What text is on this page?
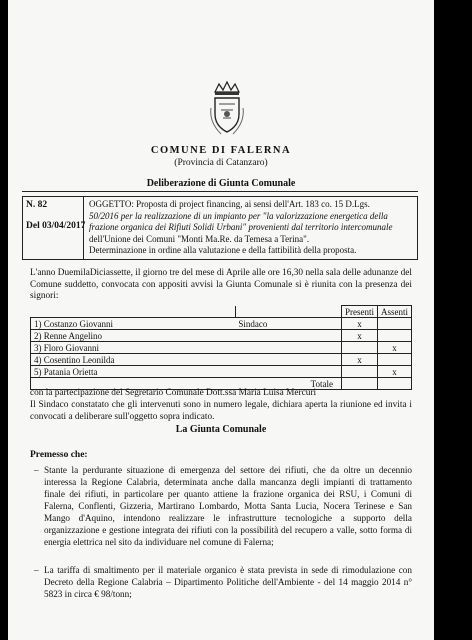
COMUNE DI FALERNA
(Provincia di Catanzaro)
Deliberazione di Giunta Comunale
N. 82
Del 03/04/2017
OGGETTO: Proposta di project financing, ai sensi dell'Art. 183 co. 15 D.Lgs.
50/2016 per la realizzazione di un impianto per "la valorizzazione energetica della
frazione organica dei Rifiuti Solidi Urbani" provenienti dal territorio intercomunale
dell'Unione dei Comuni "Monti Ma.Re. da Temesa a Terina".
Determinazione in ordine alla valutazione e della fattibilità della proposta.
L'anno DuemilaDiciassette, il giorno tre del mese di Aprile alle ore 16,30 nella sala delle adunanze del Comune suddetto, convocata con appositi avvisi la Giunta Comunale si è riunita con la presenza dei signori:
		Presenti	Assenti
1) Costanzo Giovanni	Sindaco	x	
2) Renne Angelino		x	
3) Floro Giovanni			x
4) Cosentino Leonilda		x	
5) Patania Orietta			x
Totale			
con la partecipazione del Segretario Comunale Dott.ssa Maria Luisa Mercuri
Il Sindaco constatato che gli intervenuti sono in numero legale, dichiara aperta la riunione ed invita i convocati a deliberare sull'oggetto sopra indicato.
La Giunta Comunale
Premesso che:
– Stante la perdurante situazione di emergenza del settore dei rifiuti, che da oltre un decennio interessa la Regione Calabria, determinata anche dalla mancanza degli impianti di trattamento finale dei rifiuti, in particolare per quanto attiene la frazione organica dei RSU, i Comuni di Falerna, Conflenti, Gizzeria, Martirano Lombardo, Motta Santa Lucia, Nocera Terinese e San Mango d'Aquino, intendono realizzare le infrastrutture tecnologiche a supporto della organizzazione e gestione integrata dei rifiuti con la possibilità del recupero a valle, sotto forma di energia elettrica nel sito da individuare nel comune di Falerna;
– La tariffa di smaltimento per il materiale organico è stata prevista in sede di rimodulazione con Decreto della Regione Calabria – Dipartimento Politiche dell'Ambiente - del 14 maggio 2014 n° 5823 in circa € 98/tonn;
